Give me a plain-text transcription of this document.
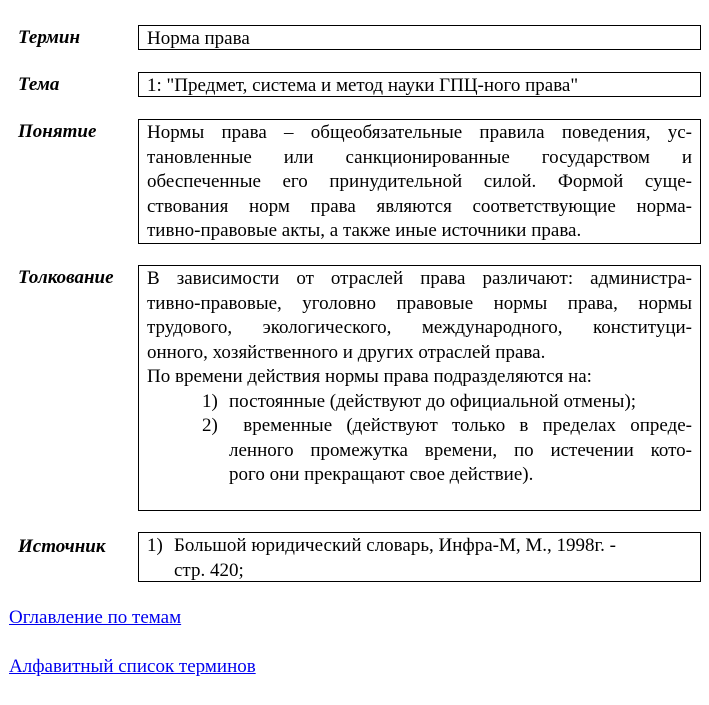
Термин
Тема
Понятие
Толкование
Источник
Норма права
1: "Предмет, система и метод науки ГПЦ-ного права"
Нормы права – общеобязательные правила поведения, ус-
тановленные или санкционированные государством и
обеспеченные его принудительной силой. Формой суще-
ствования норм права являются соответствующие норма-
тивно-правовые акты, а также иные источники права.
В зависимости от отраслей права различают: администра-
тивно-правовые, уголовно правовые нормы права, нормы
трудового, экологического, международного, конституци-
онного, хозяйственного и других отраслей права.
По времени действия нормы права подразделяются на:
1) постоянные (действуют до официальной отмены);
2) временные (действуют только в пределах опреде-
ленного промежутка времени, по истечении кото-
рого они прекращают свое действие).
1) Большой юридический словарь, Инфра-М, М., 1998г. -
стр. 420;
Оглавление по темам
Алфавитный список терминов
